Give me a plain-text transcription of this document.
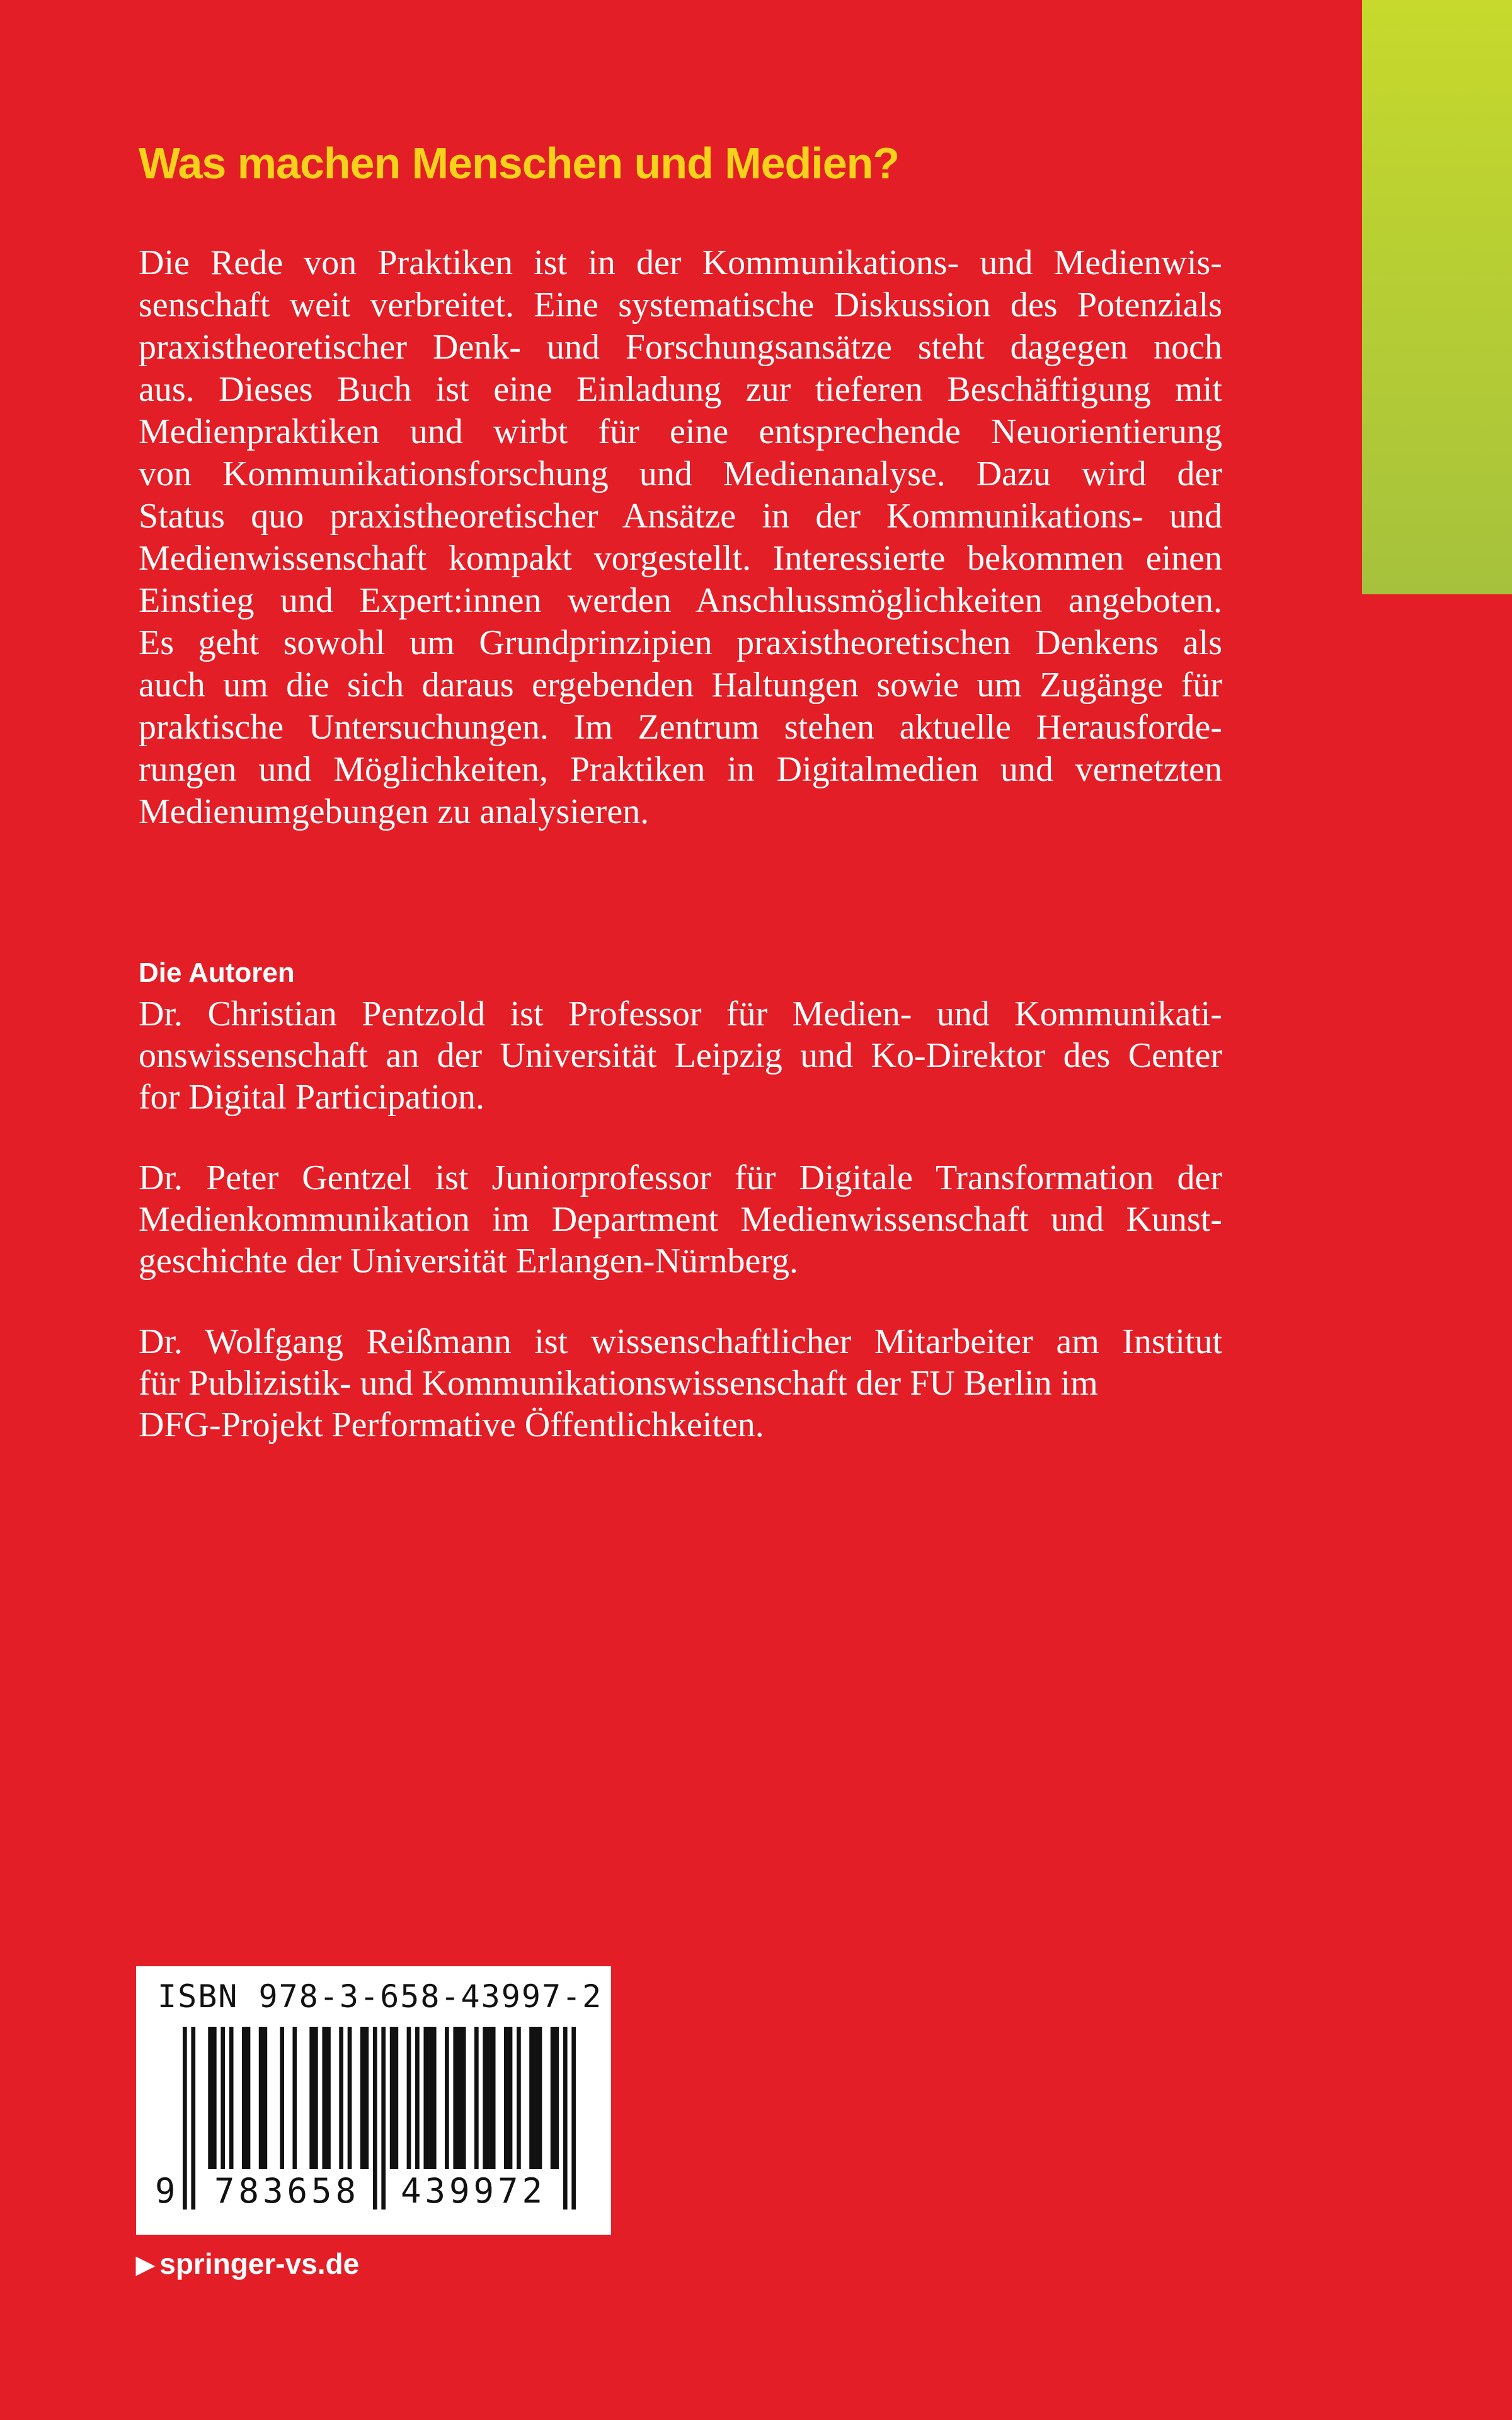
Was machen Menschen und Medien?
Die Rede von Praktiken ist in der Kommunikations- und Medienwis-
senschaft weit verbreitet. Eine systematische Diskussion des Potenzials
praxistheoretischer Denk- und Forschungsansätze steht dagegen noch
aus. Dieses Buch ist eine Einladung zur tieferen Beschäftigung mit
Medienpraktiken und wirbt für eine entsprechende Neuorientierung
von Kommunikationsforschung und Medienanalyse. Dazu wird der
Status quo praxistheoretischer Ansätze in der Kommunikations- und
Medienwissenschaft kompakt vorgestellt. Interessierte bekommen einen
Einstieg und Expert:innen werden Anschlussmöglichkeiten angeboten.
Es geht sowohl um Grundprinzipien praxistheoretischen Denkens als
auch um die sich daraus ergebenden Haltungen sowie um Zugänge für
praktische Untersuchungen. Im Zentrum stehen aktuelle Herausforde-
rungen und Möglichkeiten, Praktiken in Digitalmedien und vernetzten
Medienumgebungen zu analysieren.
Die Autoren
Dr. Christian Pentzold ist Professor für Medien- und Kommunikati-
onswissenschaft an der Universität Leipzig und Ko-Direktor des Center
for Digital Participation.
Dr. Peter Gentzel ist Juniorprofessor für Digitale Transformation der
Medienkommunikation im Department Medienwissenschaft und Kunst-
geschichte der Universität Erlangen-Nürnberg.
Dr. Wolfgang Reißmann ist wissenschaftlicher Mitarbeiter am Institut
für Publizistik- und Kommunikationswissenschaft der FU Berlin im
DFG-Projekt Performative Öffentlichkeiten.
ISBN 978-3-658-43997-2
9 783658 439972
▶ springer-vs.de
